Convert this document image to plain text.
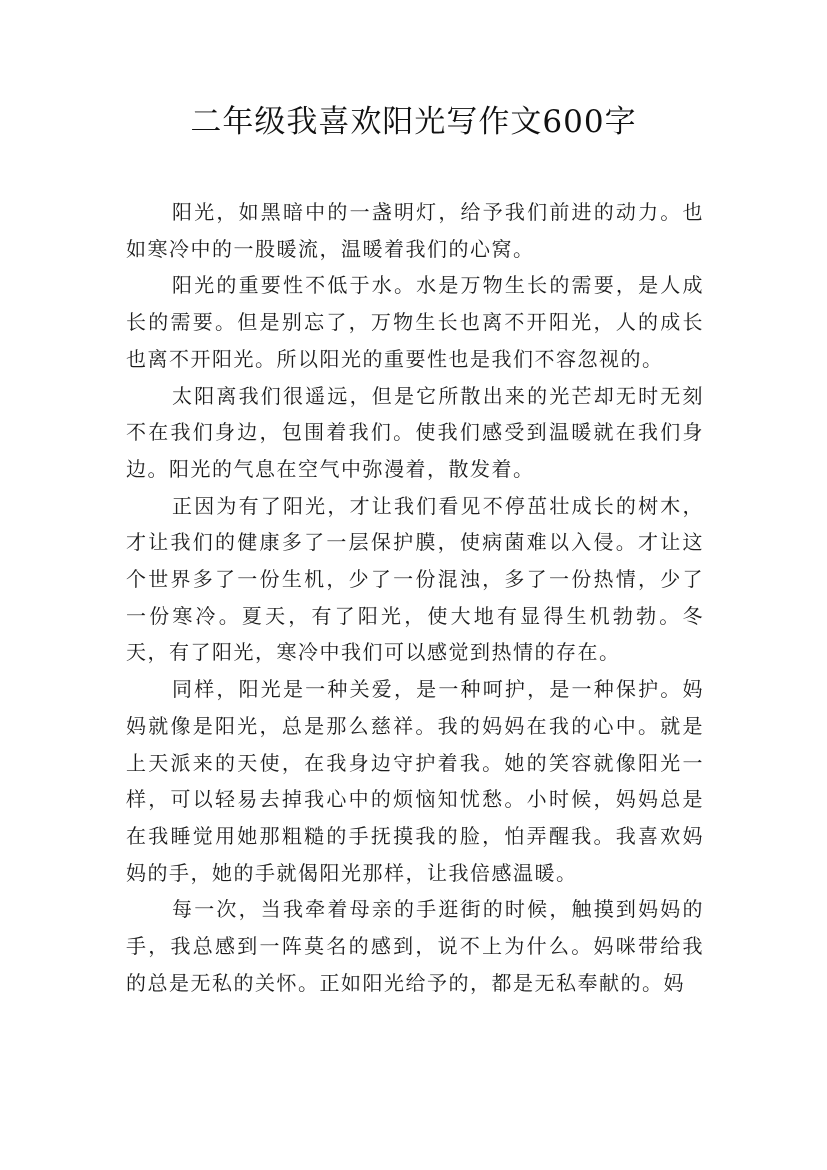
二年级我喜欢阳光写作文600字

阳光，如黑暗中的一盏明灯，给予我们前进的动力。也如寒冷中的一股暖流，温暖着我们的心窝。

阳光的重要性不低于水。水是万物生长的需要，是人成长的需要。但是别忘了，万物生长也离不开阳光，人的成长也离不开阳光。所以阳光的重要性也是我们不容忽视的。

太阳离我们很遥远，但是它所散出来的光芒却无时无刻不在我们身边，包围着我们。使我们感受到温暖就在我们身边。阳光的气息在空气中弥漫着，散发着。

正因为有了阳光，才让我们看见不停茁壮成长的树木，才让我们的健康多了一层保护膜，使病菌难以入侵。才让这个世界多了一份生机，少了一份混浊，多了一份热情，少了一份寒冷。夏天，有了阳光，使大地有显得生机勃勃。冬天，有了阳光，寒冷中我们可以感觉到热情的存在。

同样，阳光是一种关爱，是一种呵护，是一种保护。妈妈就像是阳光，总是那么慈祥。我的妈妈在我的心中。就是上天派来的天使，在我身边守护着我。她的笑容就像阳光一样，可以轻易去掉我心中的烦恼知忧愁。小时候，妈妈总是在我睡觉用她那粗糙的手抚摸我的脸，怕弄醒我。我喜欢妈妈的手，她的手就偈阳光那样，让我倍感温暖。

每一次，当我牵着母亲的手逛街的时候，触摸到妈妈的手，我总感到一阵莫名的感到，说不上为什么。妈咪带给我的总是无私的关怀。正如阳光给予的，都是无私奉献的。妈
